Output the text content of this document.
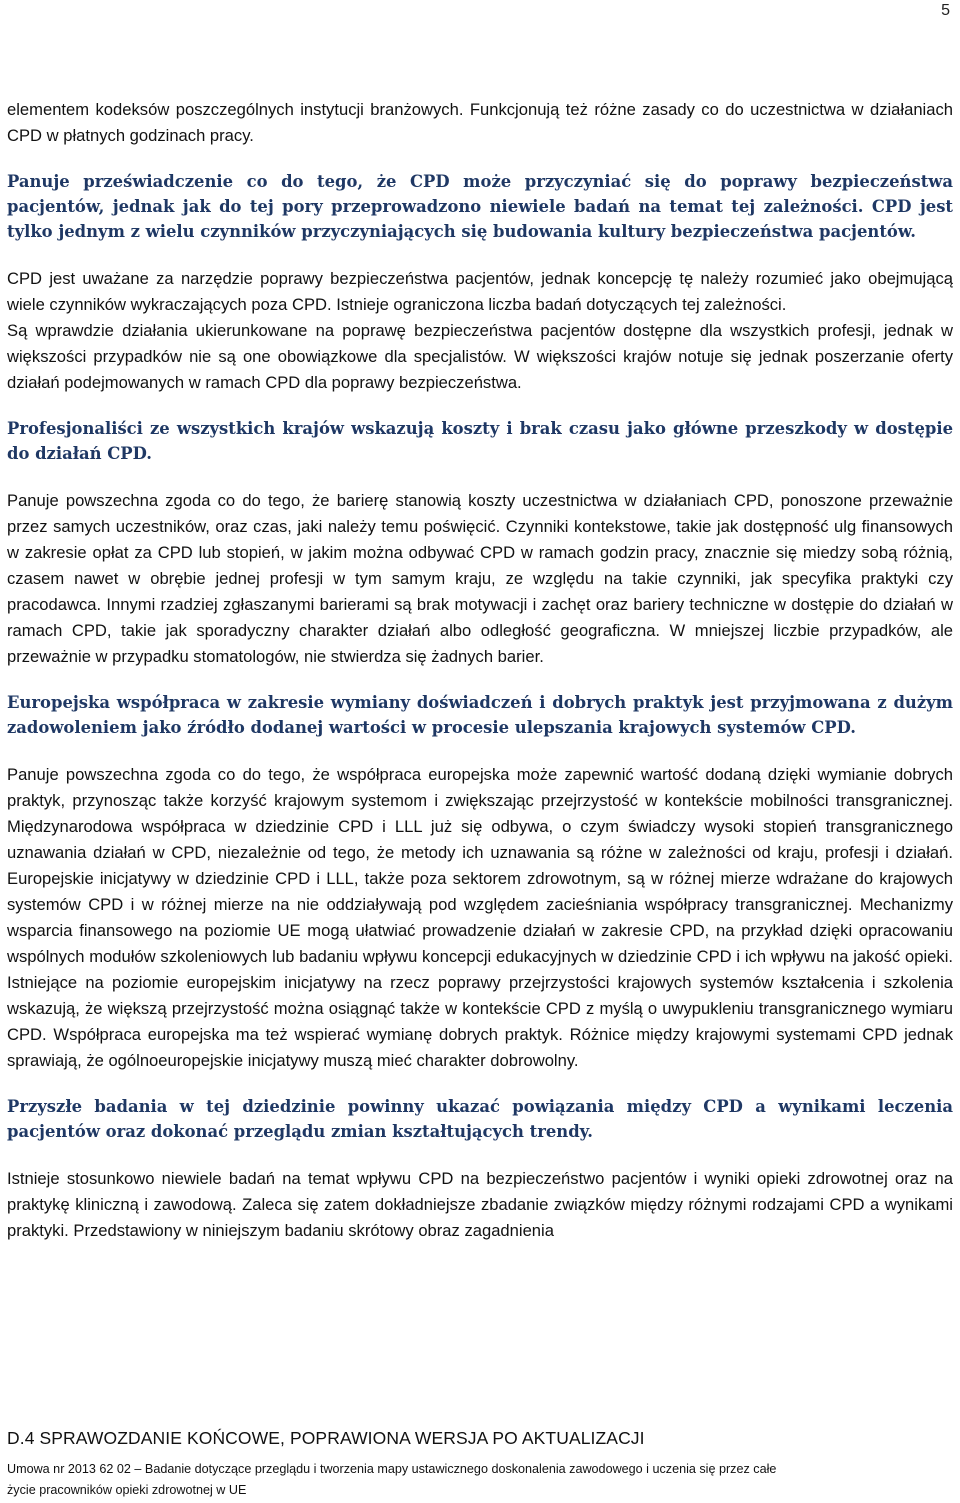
5

elementem kodeksów poszczególnych instytucji branżowych. Funkcjonują też różne zasady co do uczestnictwa w działaniach CPD w płatnych godzinach pracy.

Panuje przeświadczenie co do tego, że CPD może przyczyniać się do poprawy bezpieczeństwa pacjentów, jednak jak do tej pory przeprowadzono niewiele badań na temat tej zależności. CPD jest tylko jednym z wielu czynników przyczyniających się budowania kultury bezpieczeństwa pacjentów.

CPD jest uważane za narzędzie poprawy bezpieczeństwa pacjentów, jednak koncepcję tę należy rozumieć jako obejmującą wiele czynników wykraczających poza CPD. Istnieje ograniczona liczba badań dotyczących tej zależności.

Są wprawdzie działania ukierunkowane na poprawę bezpieczeństwa pacjentów dostępne dla wszystkich profesji, jednak w większości przypadków nie są one obowiązkowe dla specjalistów. W większości krajów notuje się jednak poszerzanie oferty działań podejmowanych w ramach CPD dla poprawy bezpieczeństwa.

Profesjonaliści ze wszystkich krajów wskazują koszty i brak czasu jako główne przeszkody w dostępie do działań CPD.

Panuje powszechna zgoda co do tego, że barierę stanowią koszty uczestnictwa w działaniach CPD, ponoszone przeważnie przez samych uczestników, oraz czas, jaki należy temu poświęcić. Czynniki kontekstowe, takie jak dostępność ulg finansowych w zakresie opłat za CPD lub stopień, w jakim można odbywać CPD w ramach godzin pracy, znacznie się miedzy sobą różnią, czasem nawet w obrębie jednej profesji w tym samym kraju, ze względu na takie czynniki, jak specyfika praktyki czy pracodawca. Innymi rzadziej zgłaszanymi barierami są brak motywacji i zachęt oraz bariery techniczne w dostępie do działań w ramach CPD, takie jak sporadyczny charakter działań albo odległość geograficzna. W mniejszej liczbie przypadków, ale przeważnie w przypadku stomatologów, nie stwierdza się żadnych barier.

Europejska współpraca w zakresie wymiany doświadczeń i dobrych praktyk jest przyjmowana z dużym zadowoleniem jako źródło dodanej wartości w procesie ulepszania krajowych systemów CPD.

Panuje powszechna zgoda co do tego, że współpraca europejska może zapewnić wartość dodaną dzięki wymianie dobrych praktyk, przynosząc także korzyść krajowym systemom i zwiększając przejrzystość w kontekście mobilności transgranicznej. Międzynarodowa współpraca w dziedzinie CPD i LLL już się odbywa, o czym świadczy wysoki stopień transgranicznego uznawania działań w CPD, niezależnie od tego, że metody ich uznawania są różne w zależności od kraju, profesji i działań. Europejskie inicjatywy w dziedzinie CPD i LLL, także poza sektorem zdrowotnym, są w różnej mierze wdrażane do krajowych systemów CPD i w różnej mierze na nie oddziaływają pod względem zacieśniania współpracy transgranicznej. Mechanizmy wsparcia finansowego na poziomie UE mogą ułatwiać prowadzenie działań w zakresie CPD, na przykład dzięki opracowaniu wspólnych modułów szkoleniowych lub badaniu wpływu koncepcji edukacyjnych w dziedzinie CPD i ich wpływu na jakość opieki. Istniejące na poziomie europejskim inicjatywy na rzecz poprawy przejrzystości krajowych systemów kształcenia i szkolenia wskazują, że większą przejrzystość można osiągnąć także w kontekście CPD z myślą o uwypukleniu transgranicznego wymiaru CPD. Współpraca europejska ma też wspierać wymianę dobrych praktyk. Różnice między krajowymi systemami CPD jednak sprawiają, że ogólnoeuropejskie inicjatywy muszą mieć charakter dobrowolny.

Przyszłe badania w tej dziedzinie powinny ukazać powiązania między CPD a wynikami leczenia pacjentów oraz dokonać przeglądu zmian kształtujących trendy.

Istnieje stosunkowo niewiele badań na temat wpływu CPD na bezpieczeństwo pacjentów i wyniki opieki zdrowotnej oraz na praktykę kliniczną i zawodową. Zaleca się zatem dokładniejsze zbadanie związków między różnymi rodzajami CPD a wynikami praktyki. Przedstawiony w niniejszym badaniu skrótowy obraz zagadnienia

D.4 SPRAWOZDANIE KOŃCOWE, POPRAWIONA WERSJA PO AKTUALIZACJI
Umowa nr 2013 62 02 – Badanie dotyczące przeglądu i tworzenia mapy ustawicznego doskonalenia zawodowego i uczenia się przez całe
życie pracowników opieki zdrowotnej w UE
